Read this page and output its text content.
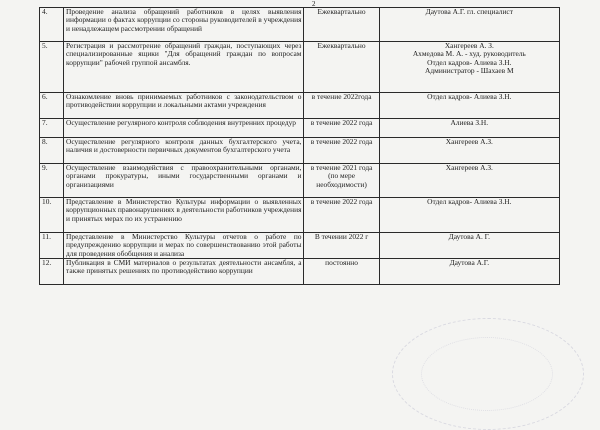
2
4.	Проведение анализа обращений работников в целях выявления информации о фактах коррупции со стороны руководителей в учреждения и ненадлежащем рассмотрении обращений	Ежеквартально	Даутова А.Г. гл. специалист

5.	Регистрация и рассмотрение обращений граждан, поступающих через специализированные ящики "Для обращений граждан по вопросам коррупции" рабочей группой ансамбля.	Ежеквартально	Хангереев А. З.
Ахмедова М. А. - худ. руководитель
Отдел кадров- Алиева З.Н.
Администратор - Шахаев М

6.	Ознакомление вновь принимаемых работников с законодательством о противодействии коррупции и локальными актами учреждения	в течение 2022года	Отдел кадров- Алиева З.Н.

7.	Осуществление регулярного контроля соблюдения внутренних процедур	в течение 2022 года	Алиева З.Н.

8.	Осуществление регулярного контроля данных бухгалтерского учета, наличия и достоверности первичных документов бухгалтерского учета	в течение 2022 года	Хангереев А.З.

9.	Осуществление взаимодействия с правоохранительными органами, органами прокуратуры, иными государственными органами и организациями	в течение 2021 года (по мере необходимости)	Хангереев А.З.

10.	Представление в Министерство Культуры информации о выявленных коррупционных правонарушениях в деятельности работников учреждения и принятых мерах по их устранению	в течение 2022 года	Отдел кадров- Алиева З.Н.

11.	Представление в Министерство Культуры отчетов о работе по предупреждению коррупции и мерах по совершенствованию этой работы для проведения обобщения и анализа	В течении 2022 г	Даутова А. Г.

12.	Публикация в СМИ материалов о результатах деятельности ансамбля, а также принятых решениях по противодействию коррупции	постоянно	Даутова А.Г.
